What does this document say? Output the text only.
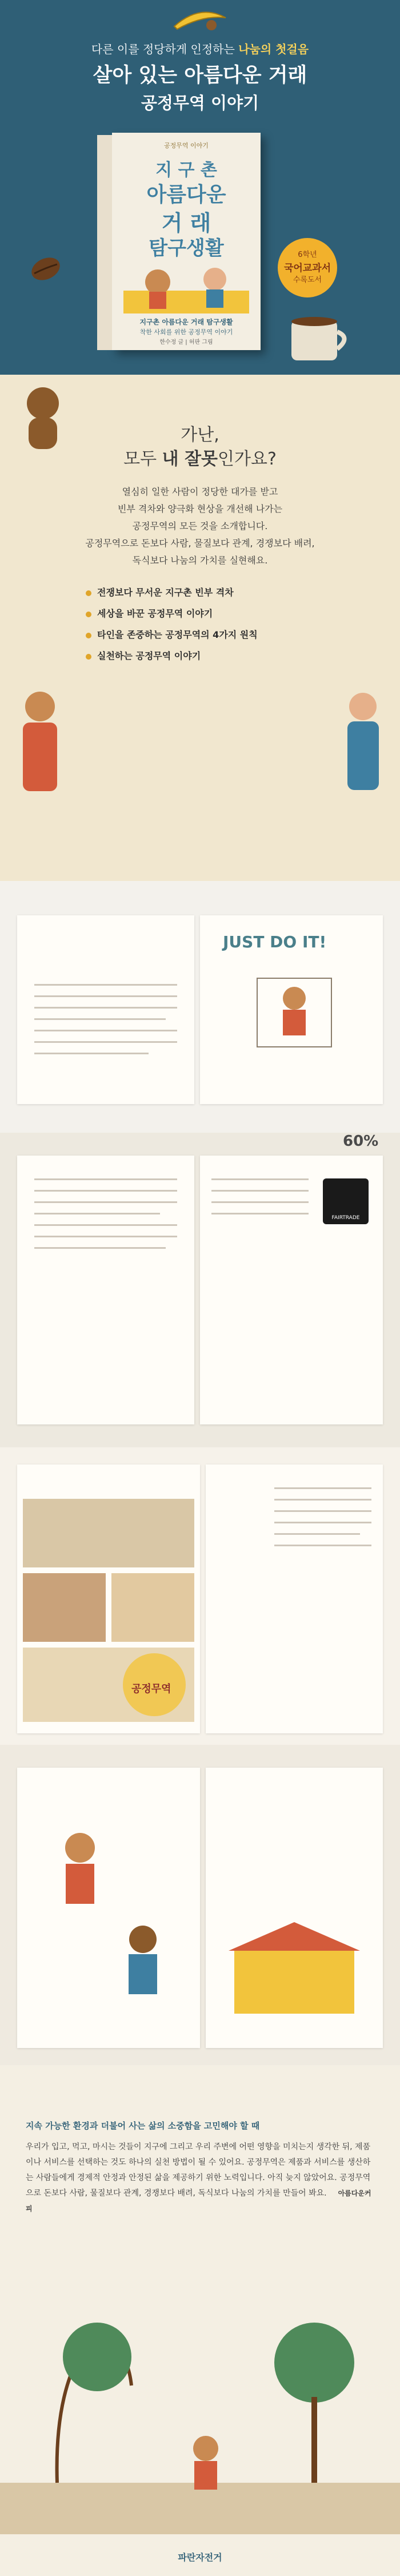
다른 이를 정당하게 인정하는 나눔의 첫걸음
살아 있는 아름다운 거래
공정무역 이야기
공정무역 이야기
지 구 촌
아름다운
거 래
탐구생활
지구촌 아름다운 거래 탐구생활
착한 사회를 위한 공정무역 이야기
한수정 글 | 허판 그림
6학년
국어교과서
수록도서
가난,
모두 내 잘못인가요?
열심히 일한 사람이 정당한 대가를 받고
빈부 격차와 양극화 현상을 개선해 나가는
공정무역의 모든 것을 소개합니다.
공정무역으로 돈보다 사람, 물질보다 관계, 경쟁보다 배려,
독식보다 나눔의 가치를 실현해요.
전쟁보다 무서운 지구촌 빈부 격차
세상을 바꾼 공정무역 이야기
타인을 존중하는 공정무역의 4가지 원칙
실천하는 공정무역 이야기
JUST DO IT!
FAIRTRADE
60%
공정무역
지속 가능한 환경과 더불어 사는 삶의 소중함을 고민해야 할 때
우리가 입고, 먹고, 마시는 것들이 지구에 그리고 우리 주변에 어떤 영향을 미치는지 생각한 뒤, 제품이나 서비스를 선택하는 것도 하나의 실천 방법이 될 수 있어요. 공정무역은 제품과 서비스를 생산하는 사람들에게 경제적 안정과 안정된 삶을 제공하기 위한 노력입니다. 아직 늦지 않았어요. 공정무역으로 돈보다 사람, 물질보다 관계, 경쟁보다 배려, 독식보다 나눔의 가치를 만들어 봐요. 아름다운커피
파란자전거
